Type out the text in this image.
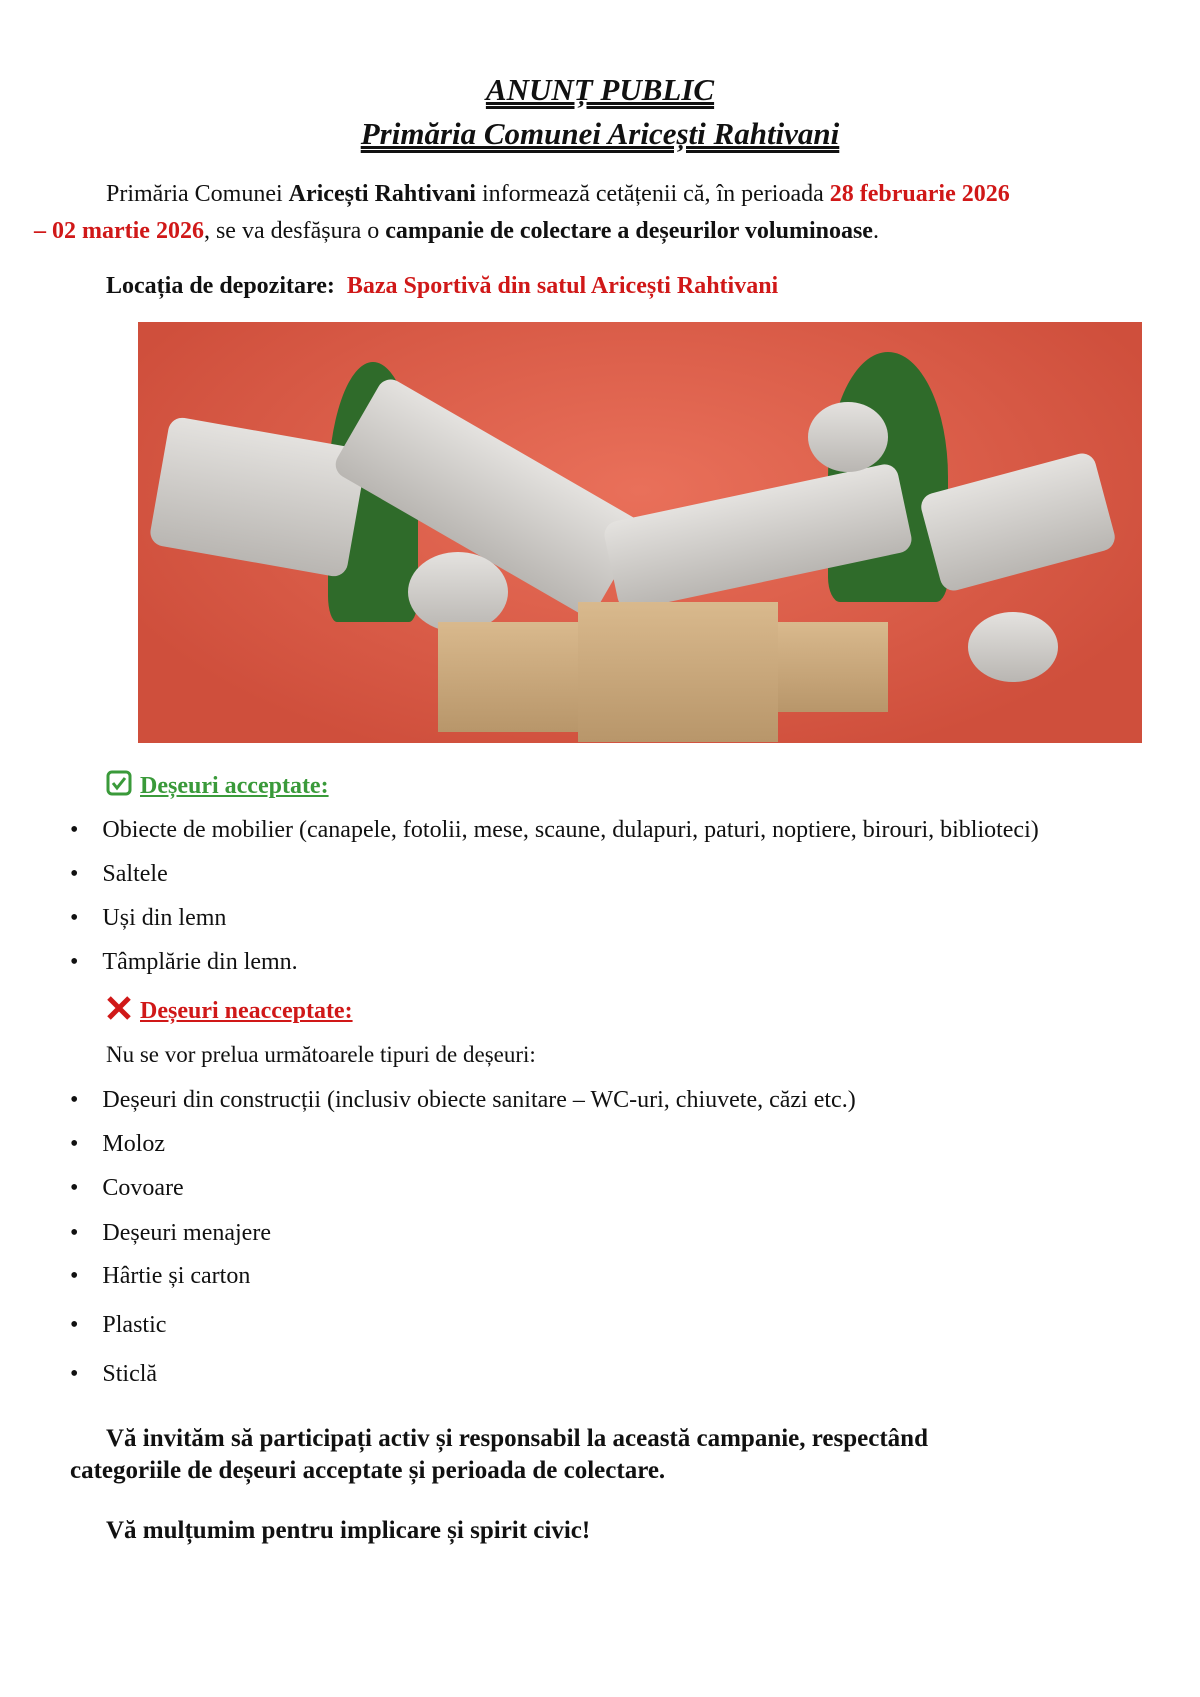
ANUNȚ PUBLIC
Primăria Comunei Aricești Rahtivani
Primăria Comunei Aricești Rahtivani informează cetățenii că, în perioada 28 februarie 2026
– 02 martie 2026, se va desfășura o campanie de colectare a deșeurilor voluminoase.
Locația de depozitare: Baza Sportivă din satul Aricești Rahtivani
Deșeuri acceptate:
•    Obiecte de mobilier (canapele, fotolii, mese, scaune, dulapuri, paturi, noptiere, birouri, biblioteci)
•    Saltele
•    Uși din lemn
•    Tâmplărie din lemn.
Deșeuri neacceptate:
Nu se vor prelua următoarele tipuri de deșeuri:
•    Deșeuri din construcții (inclusiv obiecte sanitare – WC-uri, chiuvete, căzi etc.)
•    Moloz
•    Covoare
•    Deșeuri menajere
•    Hârtie și carton
•    Plastic
•    Sticlă
Vă invităm să participați activ și responsabil la această campanie, respectând
categoriile de deșeuri acceptate și perioada de colectare.
Vă mulțumim pentru implicare și spirit civic!
